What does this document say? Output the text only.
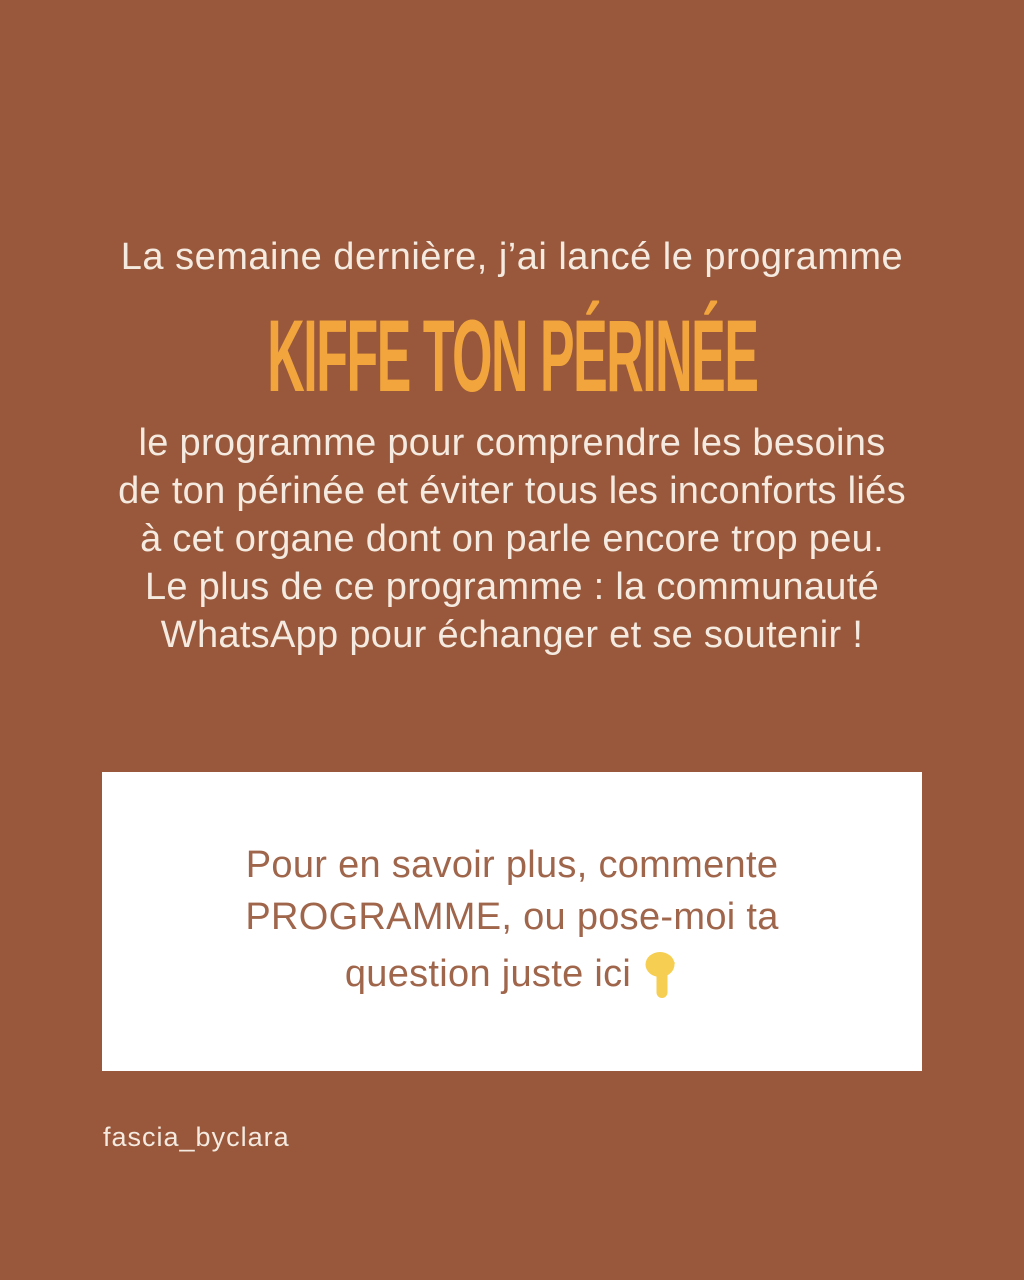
La semaine dernière, j’ai lancé le programme
KIFFE TON PÉRINÉE
le programme pour comprendre les besoins
de ton périnée et éviter tous les inconforts liés
à cet organe dont on parle encore trop peu.
Le plus de ce programme : la communauté
WhatsApp pour échanger et se soutenir !
Pour en savoir plus, commente
PROGRAMME, ou pose-moi ta
question juste ici
fascia_byclara
